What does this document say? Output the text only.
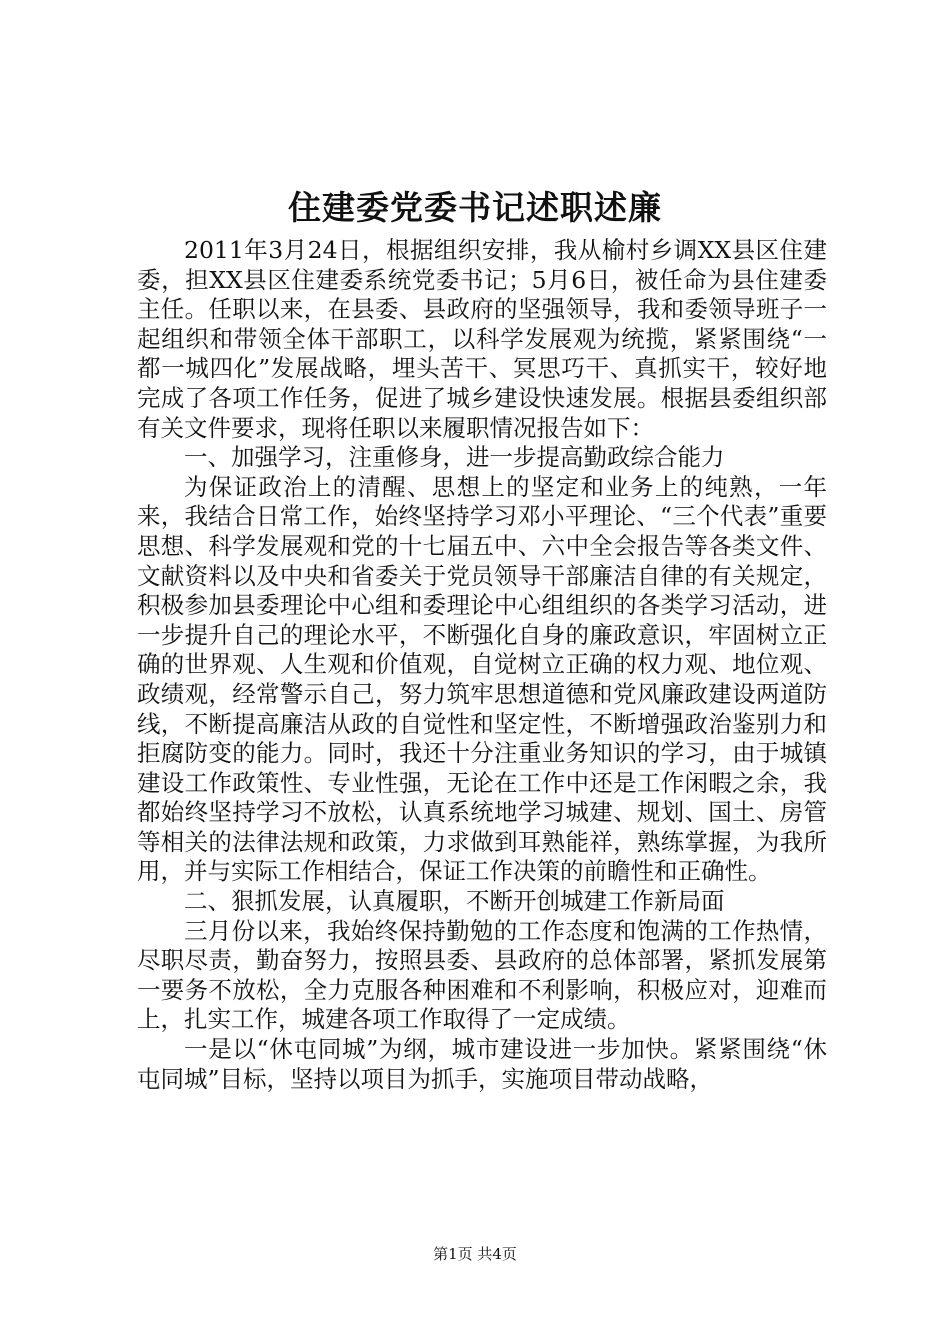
住建委党委书记述职述廉

2011年3月24日，根据组织安排，我从榆村乡调XX县区住建委，担XX县区住建委系统党委书记；5月6日，被任命为县住建委主任。任职以来，在县委、县政府的坚强领导，我和委领导班子一起组织和带领全体干部职工，以科学发展观为统揽，紧紧围绕“一都一城四化”发展战略，埋头苦干、冥思巧干、真抓实干，较好地完成了各项工作任务，促进了城乡建设快速发展。根据县委组织部有关文件要求，现将任职以来履职情况报告如下：

一、加强学习，注重修身，进一步提高勤政综合能力

为保证政治上的清醒、思想上的坚定和业务上的纯熟，一年来，我结合日常工作，始终坚持学习邓小平理论、“三个代表”重要思想、科学发展观和党的十七届五中、六中全会报告等各类文件、文献资料以及中央和省委关于党员领导干部廉洁自律的有关规定，积极参加县委理论中心组和委理论中心组组织的各类学习活动，进一步提升自己的理论水平，不断强化自身的廉政意识，牢固树立正确的世界观、人生观和价值观，自觉树立正确的权力观、地位观、政绩观，经常警示自己，努力筑牢思想道德和党风廉政建设两道防线，不断提高廉洁从政的自觉性和坚定性，不断增强政治鉴别力和拒腐防变的能力。同时，我还十分注重业务知识的学习，由于城镇建设工作政策性、专业性强，无论在工作中还是工作闲暇之余，我都始终坚持学习不放松，认真系统地学习城建、规划、国土、房管等相关的法律法规和政策，力求做到耳熟能祥，熟练掌握，为我所用，并与实际工作相结合，保证工作决策的前瞻性和正确性。

二、狠抓发展，认真履职，不断开创城建工作新局面

三月份以来，我始终保持勤勉的工作态度和饱满的工作热情，尽职尽责，勤奋努力，按照县委、县政府的总体部署，紧抓发展第一要务不放松，全力克服各种困难和不利影响，积极应对，迎难而上，扎实工作，城建各项工作取得了一定成绩。

一是以“休屯同城”为纲，城市建设进一步加快。紧紧围绕“休屯同城”目标，坚持以项目为抓手，实施项目带动战略，

第1页 共4页
